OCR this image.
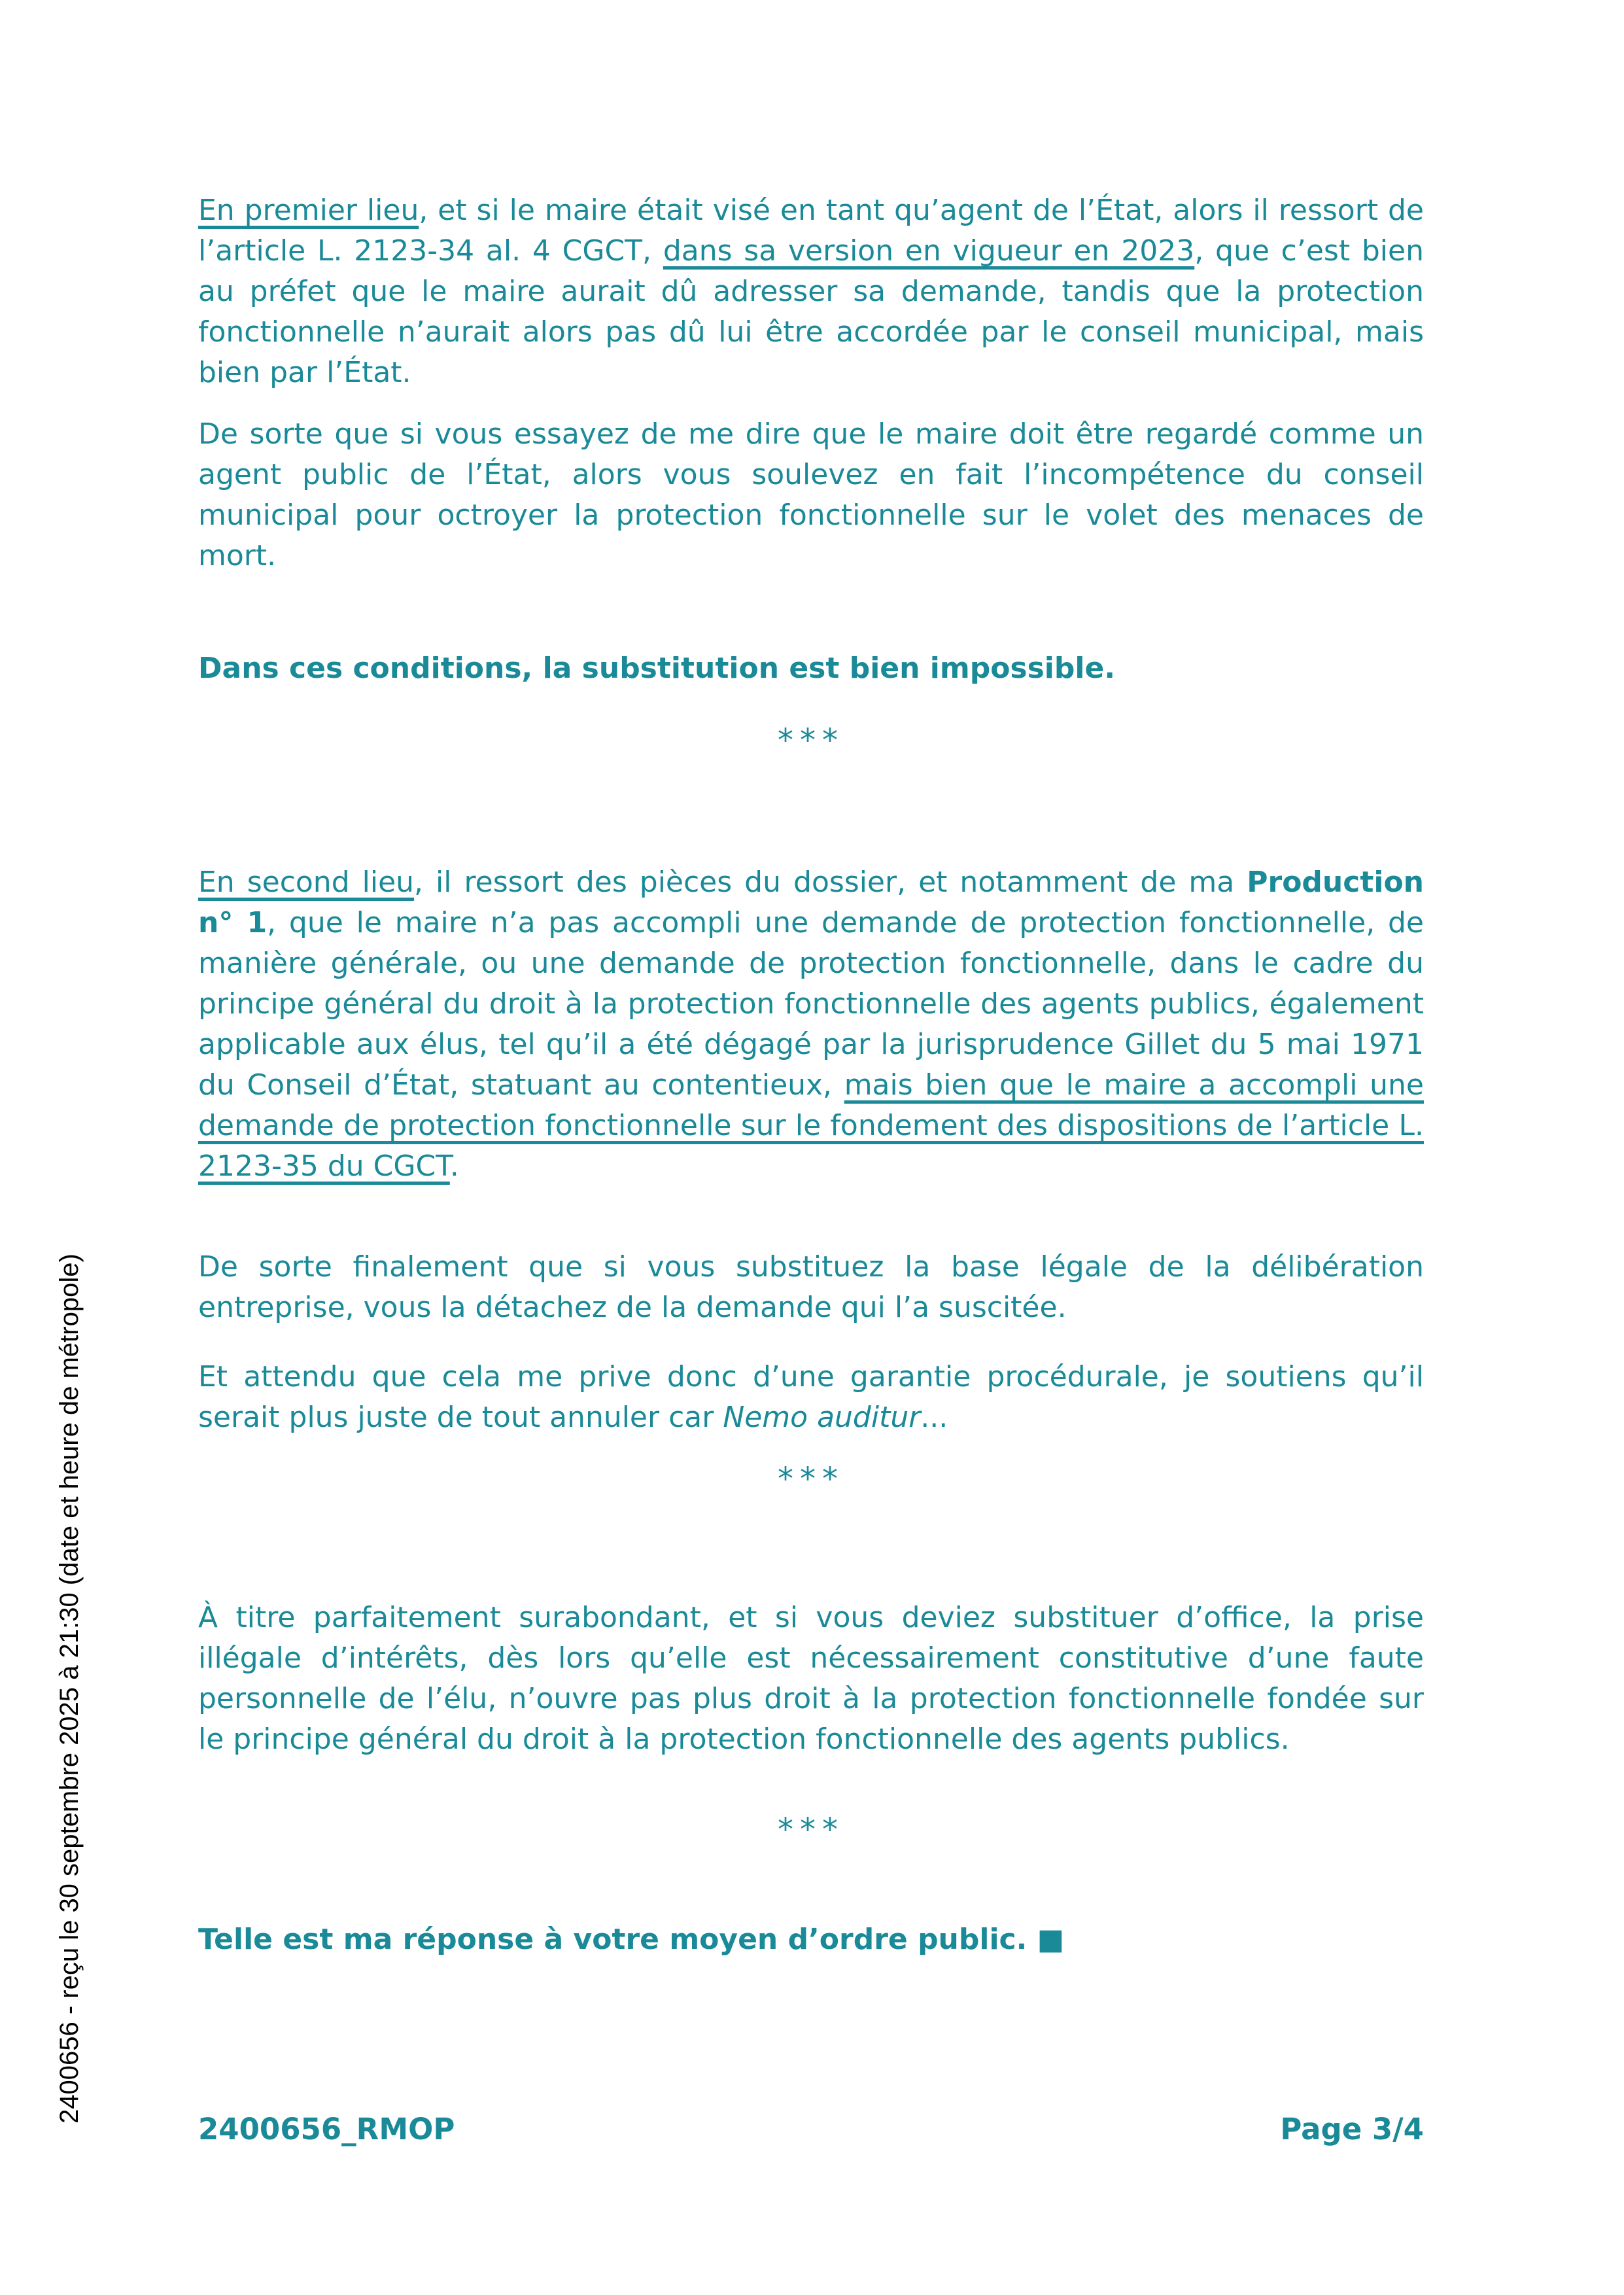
2400656 - reçu le 30 septembre 2025 à 21:30 (date et heure de métropole)
En premier lieu, et si le maire était visé en tant qu’agent de l’État, alors il ressort de l’article L. 2123-34 al. 4 CGCT, dans sa version en vigueur en 2023, que c’est bien au préfet que le maire aurait dû adresser sa demande, tandis que la protection fonctionnelle n’aurait alors pas dû lui être accordée par le conseil municipal, mais bien par l’État.
De sorte que si vous essayez de me dire que le maire doit être regardé comme un agent public de l’État, alors vous soulevez en fait l’incompétence du conseil municipal pour octroyer la protection fonctionnelle sur le volet des menaces de mort.
Dans ces conditions, la substitution est bien impossible.
***
En second lieu, il ressort des pièces du dossier, et notamment de ma Production n° 1, que le maire n’a pas accompli une demande de protection fonctionnelle, de manière générale, ou une demande de protection fonctionnelle, dans le cadre du principe général du droit à la protection fonctionnelle des agents publics, également applicable aux élus, tel qu’il a été dégagé par la jurisprudence Gillet du 5 mai 1971 du Conseil d’État, statuant au contentieux, mais bien que le maire a accompli une demande de protection fonctionnelle sur le fondement des dispositions de l’article L. 2123-35 du CGCT.
De sorte finalement que si vous substituez la base légale de la délibération entreprise, vous la détachez de la demande qui l’a suscitée.
Et attendu que cela me prive donc d’une garantie procédurale, je soutiens qu’il serait plus juste de tout annuler car Nemo auditur...
***
À titre parfaitement surabondant, et si vous deviez substituer d’office, la prise illégale d’intérêts, dès lors qu’elle est nécessairement constitutive d’une faute personnelle de l’élu, n’ouvre pas plus droit à la protection fonctionnelle fondée sur le principe général du droit à la protection fonctionnelle des agents publics.
***
Telle est ma réponse à votre moyen d’ordre public. ■
2400656_RMOP	Page 3/4
